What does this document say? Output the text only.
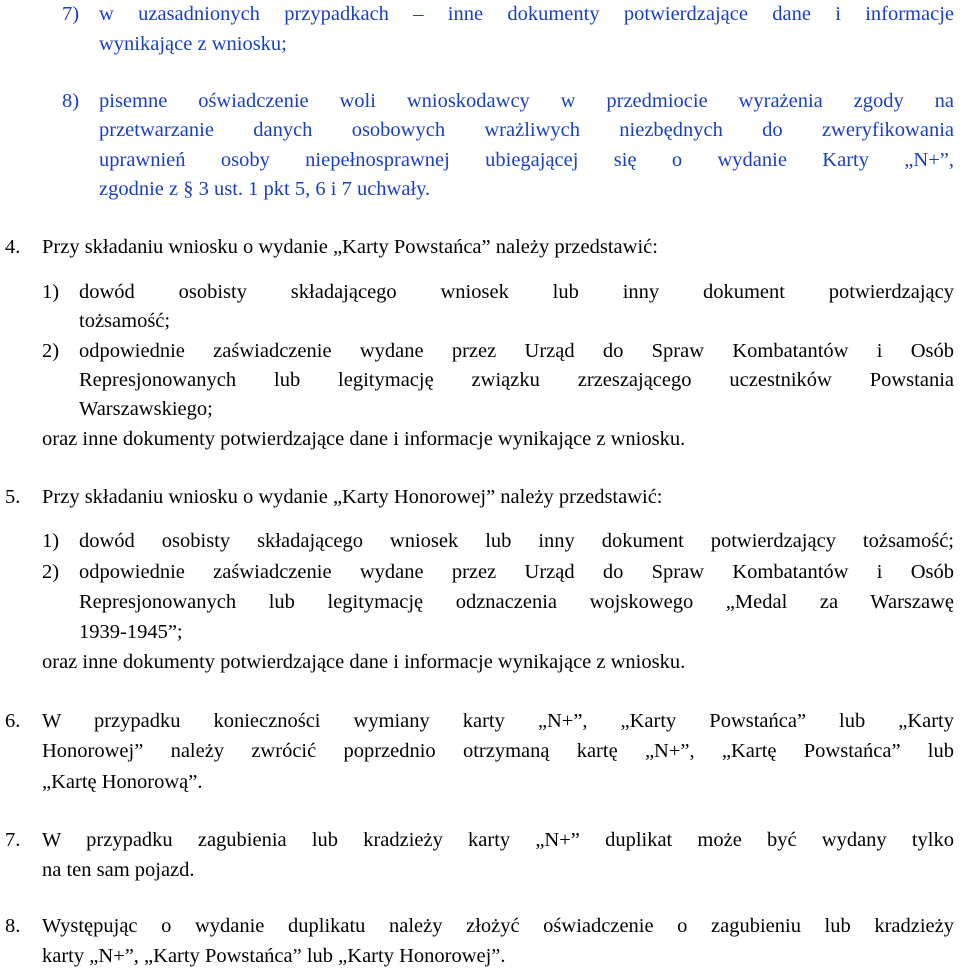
7) w uzasadnionych przypadkach – inne dokumenty potwierdzające dane i informacje
wynikające z wniosku;
8) pisemne oświadczenie woli wnioskodawcy w przedmiocie wyrażenia zgody na
przetwarzanie danych osobowych wrażliwych niezbędnych do zweryfikowania
uprawnień osoby niepełnosprawnej ubiegającej się o wydanie Karty „N+”,
zgodnie z § 3 ust. 1 pkt 5, 6 i 7 uchwały.
4. Przy składaniu wniosku o wydanie „Karty Powstańca” należy przedstawić:
1) dowód osobisty składającego wniosek lub inny dokument potwierdzający
tożsamość;
2) odpowiednie zaświadczenie wydane przez Urząd do Spraw Kombatantów i Osób
Represjonowanych lub legitymację związku zrzeszającego uczestników Powstania
Warszawskiego;
oraz inne dokumenty potwierdzające dane i informacje wynikające z wniosku.
5. Przy składaniu wniosku o wydanie „Karty Honorowej” należy przedstawić:
1) dowód osobisty składającego wniosek lub inny dokument potwierdzający tożsamość;
2) odpowiednie zaświadczenie wydane przez Urząd do Spraw Kombatantów i Osób
Represjonowanych lub legitymację odznaczenia wojskowego „Medal za Warszawę
1939-1945”;
oraz inne dokumenty potwierdzające dane i informacje wynikające z wniosku.
6. W przypadku konieczności wymiany karty „N+”, „Karty Powstańca” lub „Karty
Honorowej” należy zwrócić poprzednio otrzymaną kartę „N+”, „Kartę Powstańca” lub
„Kartę Honorową”.
7. W przypadku zagubienia lub kradzieży karty „N+” duplikat może być wydany tylko
na ten sam pojazd.
8. Występując o wydanie duplikatu należy złożyć oświadczenie o zagubieniu lub kradzieży
karty „N+”, „Karty Powstańca” lub „Karty Honorowej”.
